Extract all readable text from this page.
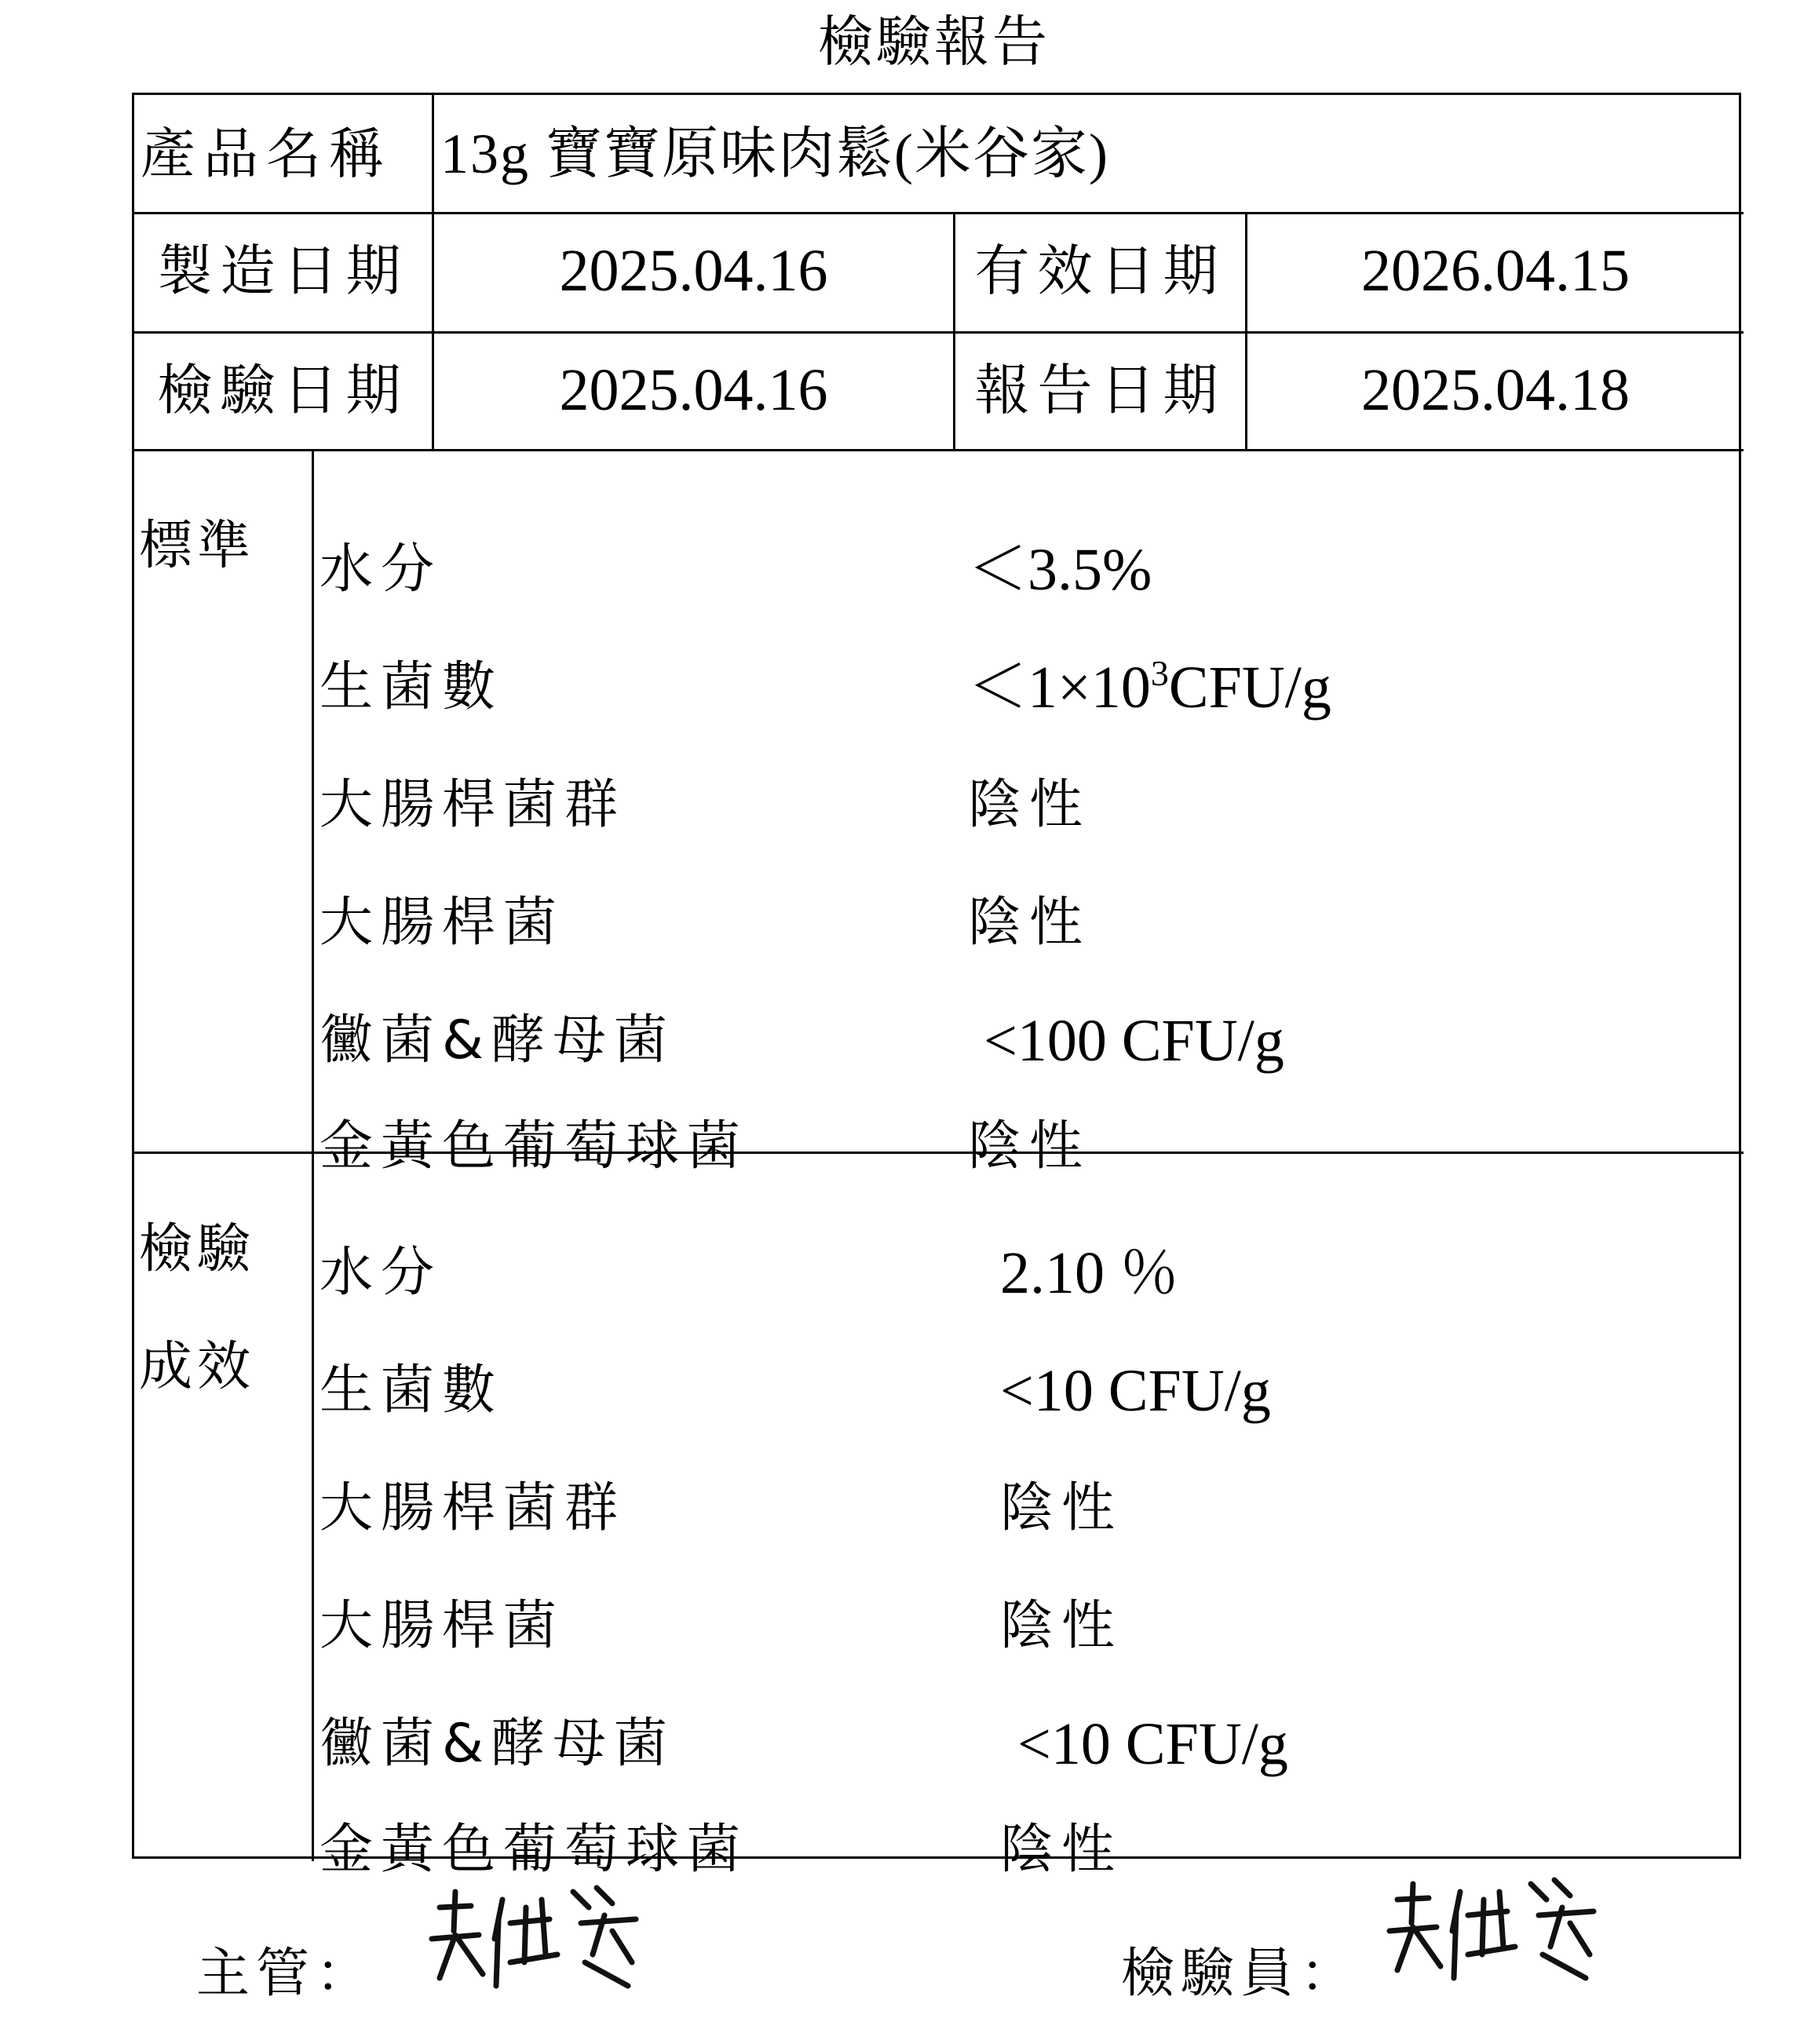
檢驗報告
產品名稱 13g 寶寶原味肉鬆(米谷家)
製造日期	2025.04.16	有效日期	2026.04.15
檢驗日期	2025.04.16	報告日期	2025.04.18
標準 水分	＜3.5%
生菌數	$<1\times 10^3CFU/g$
大腸桿菌群	陰性
大腸桿菌	陰性
黴菌&酵母菌	<100 CFU/g
金黃色葡萄球菌	陰性
檢驗
成效
水分	2.10 ％
生菌數	<10 CFU/g
大腸桿菌群	陰性
大腸桿菌	陰性
黴菌&酵母菌	<10 CFU/g
金黃色葡萄球菌	陰性
主管：	檢驗員：
